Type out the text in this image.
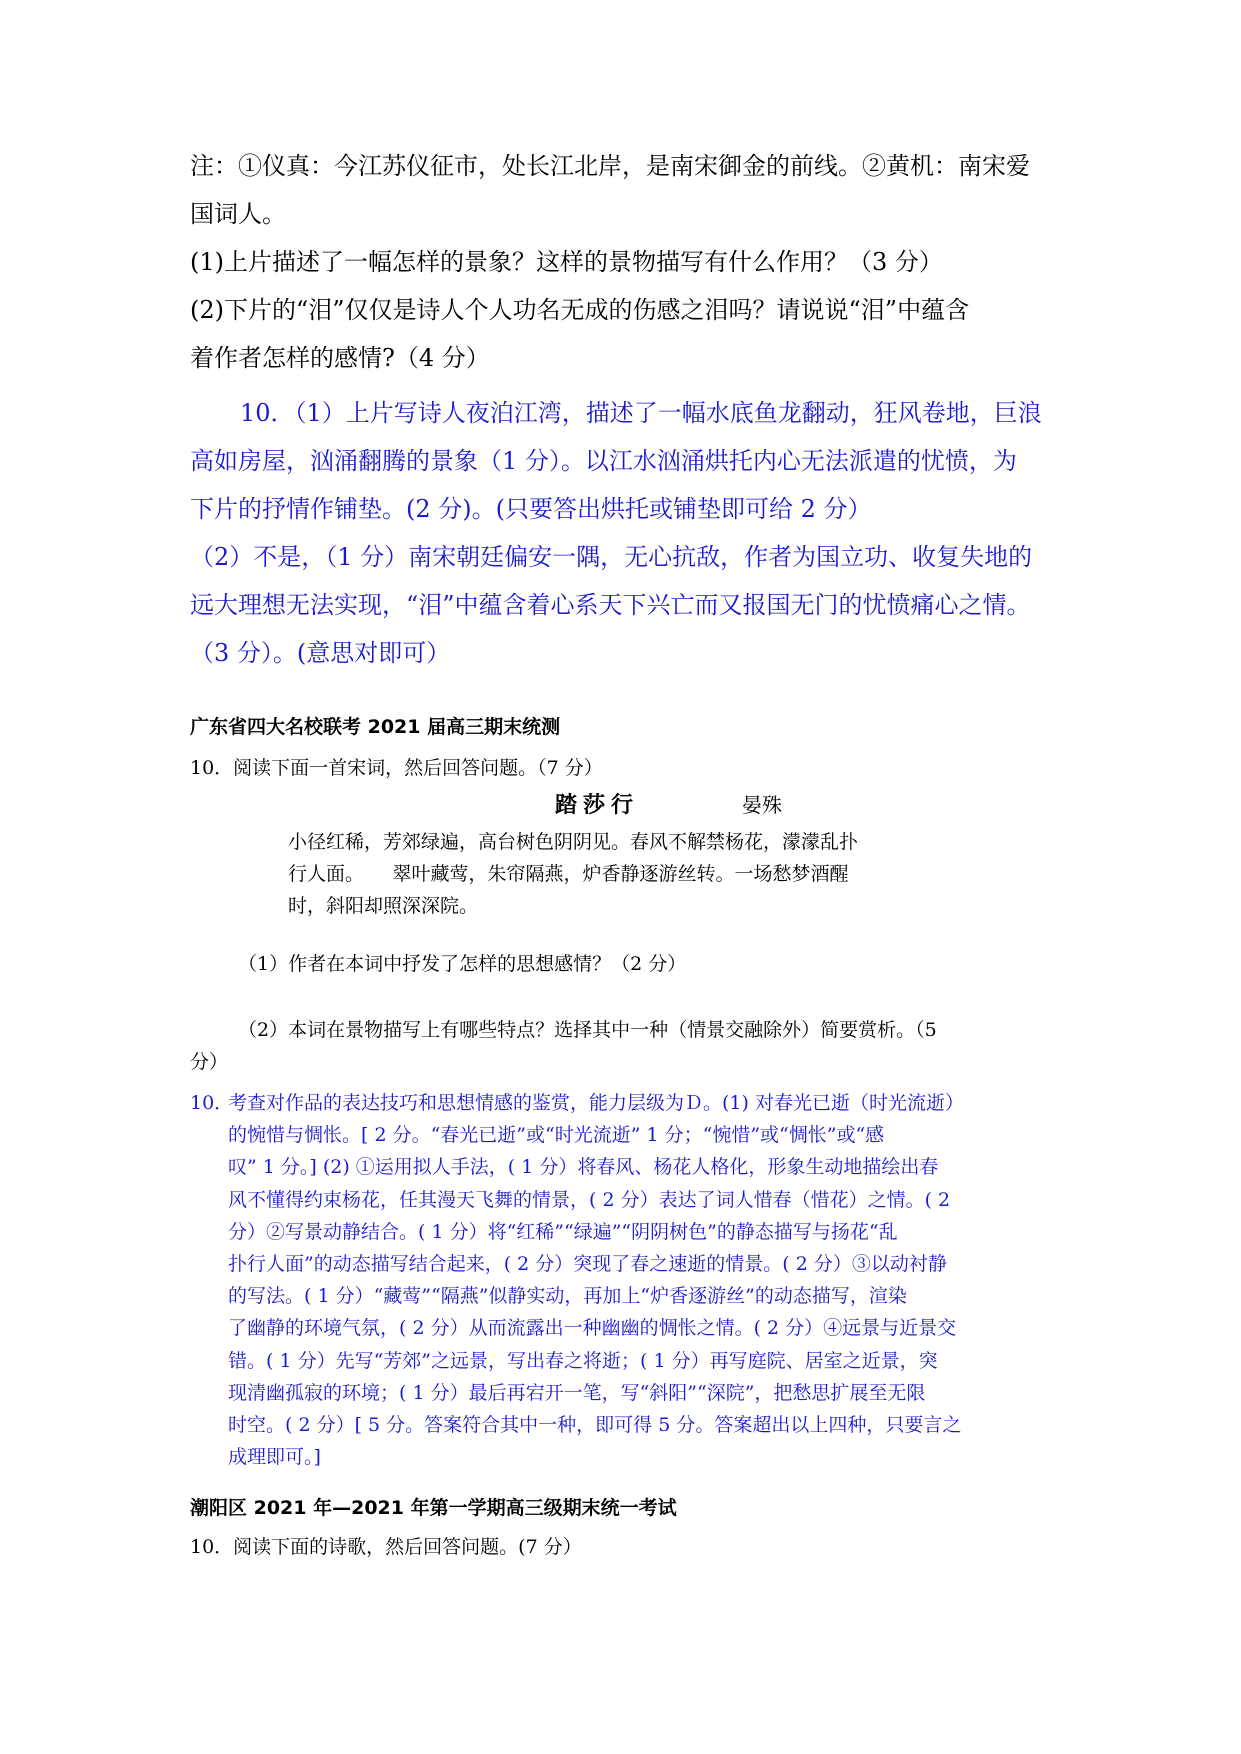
注：①仪真：今江苏仪征市，处长江北岸，是南宋御金的前线。②黄机：南宋爱
国词人。
(1)上片描述了一幅怎样的景象？这样的景物描写有什么作用？（3 分）
(2)下片的“泪”仅仅是诗人个人功名无成的伤感之泪吗？请说说“泪”中蕴含
着作者怎样的感情?（4 分）
10．（1）上片写诗人夜泊江湾，描述了一幅水底鱼龙翻动，狂风卷地，巨浪
高如房屋，汹涌翻腾的景象（1 分）。以江水汹涌烘托内心无法派遣的忧愤，为
下片的抒情作铺垫。(2 分)。(只要答出烘托或铺垫即可给 2 分）
（2）不是，（1 分）南宋朝廷偏安一隅，无心抗敌，作者为国立功、收复失地的
远大理想无法实现，“泪”中蕴含着心系天下兴亡而又报国无门的忧愤痛心之情。
（3 分）。(意思对即可）
广东省四大名校联考 2021 届高三期末统测
10．阅读下面一首宋词，然后回答问题。（7 分）
踏莎行	晏殊
小径红稀，芳郊绿遍，高台树色阴阴见。春风不解禁杨花，濛濛乱扑
行人面。　　翠叶藏莺，朱帘隔燕，炉香静逐游丝转。一场愁梦酒醒
时，斜阳却照深深院。
（1）作者在本词中抒发了怎样的思想感情？（2 分）
（2）本词在景物描写上有哪些特点？选择其中一种（情景交融除外）简要赏析。（5
分）
10．
考查对作品的表达技巧和思想情感的鉴赏，能力层级为Ｄ。(1) 对春光已逝（时光流逝）
的惋惜与惆怅。[ 2 分。“春光已逝”或“时光流逝” 1 分；“惋惜”或“惆怅”或“感
叹” 1 分。] (2) ①运用拟人手法，( 1 分）将春风、杨花人格化，形象生动地描绘出春
风不懂得约束杨花，任其漫天飞舞的情景，( 2 分）表达了词人惜春（惜花）之情。( 2
分）②写景动静结合。( 1 分）将“红稀”“绿遍”“阴阴树色”的静态描写与扬花“乱
扑行人面”的动态描写结合起来，( 2 分）突现了春之速逝的情景。( 2 分）③以动衬静
的写法。( 1 分）“藏莺”“隔燕”似静实动，再加上“炉香逐游丝”的动态描写，渲染
了幽静的环境气氛，( 2 分）从而流露出一种幽幽的惆怅之情。( 2 分）④远景与近景交
错。( 1 分）先写“芳郊”之远景，写出春之将逝；( 1 分）再写庭院、居室之近景，突
现清幽孤寂的环境；( 1 分）最后再宕开一笔，写“斜阳”“深院”，把愁思扩展至无限
时空。( 2 分）[ 5 分。答案符合其中一种，即可得 5 分。答案超出以上四种，只要言之
成理即可。]
潮阳区 2021 年—2021 年第一学期高三级期末统一考试
10．阅读下面的诗歌，然后回答问题。(7 分）
